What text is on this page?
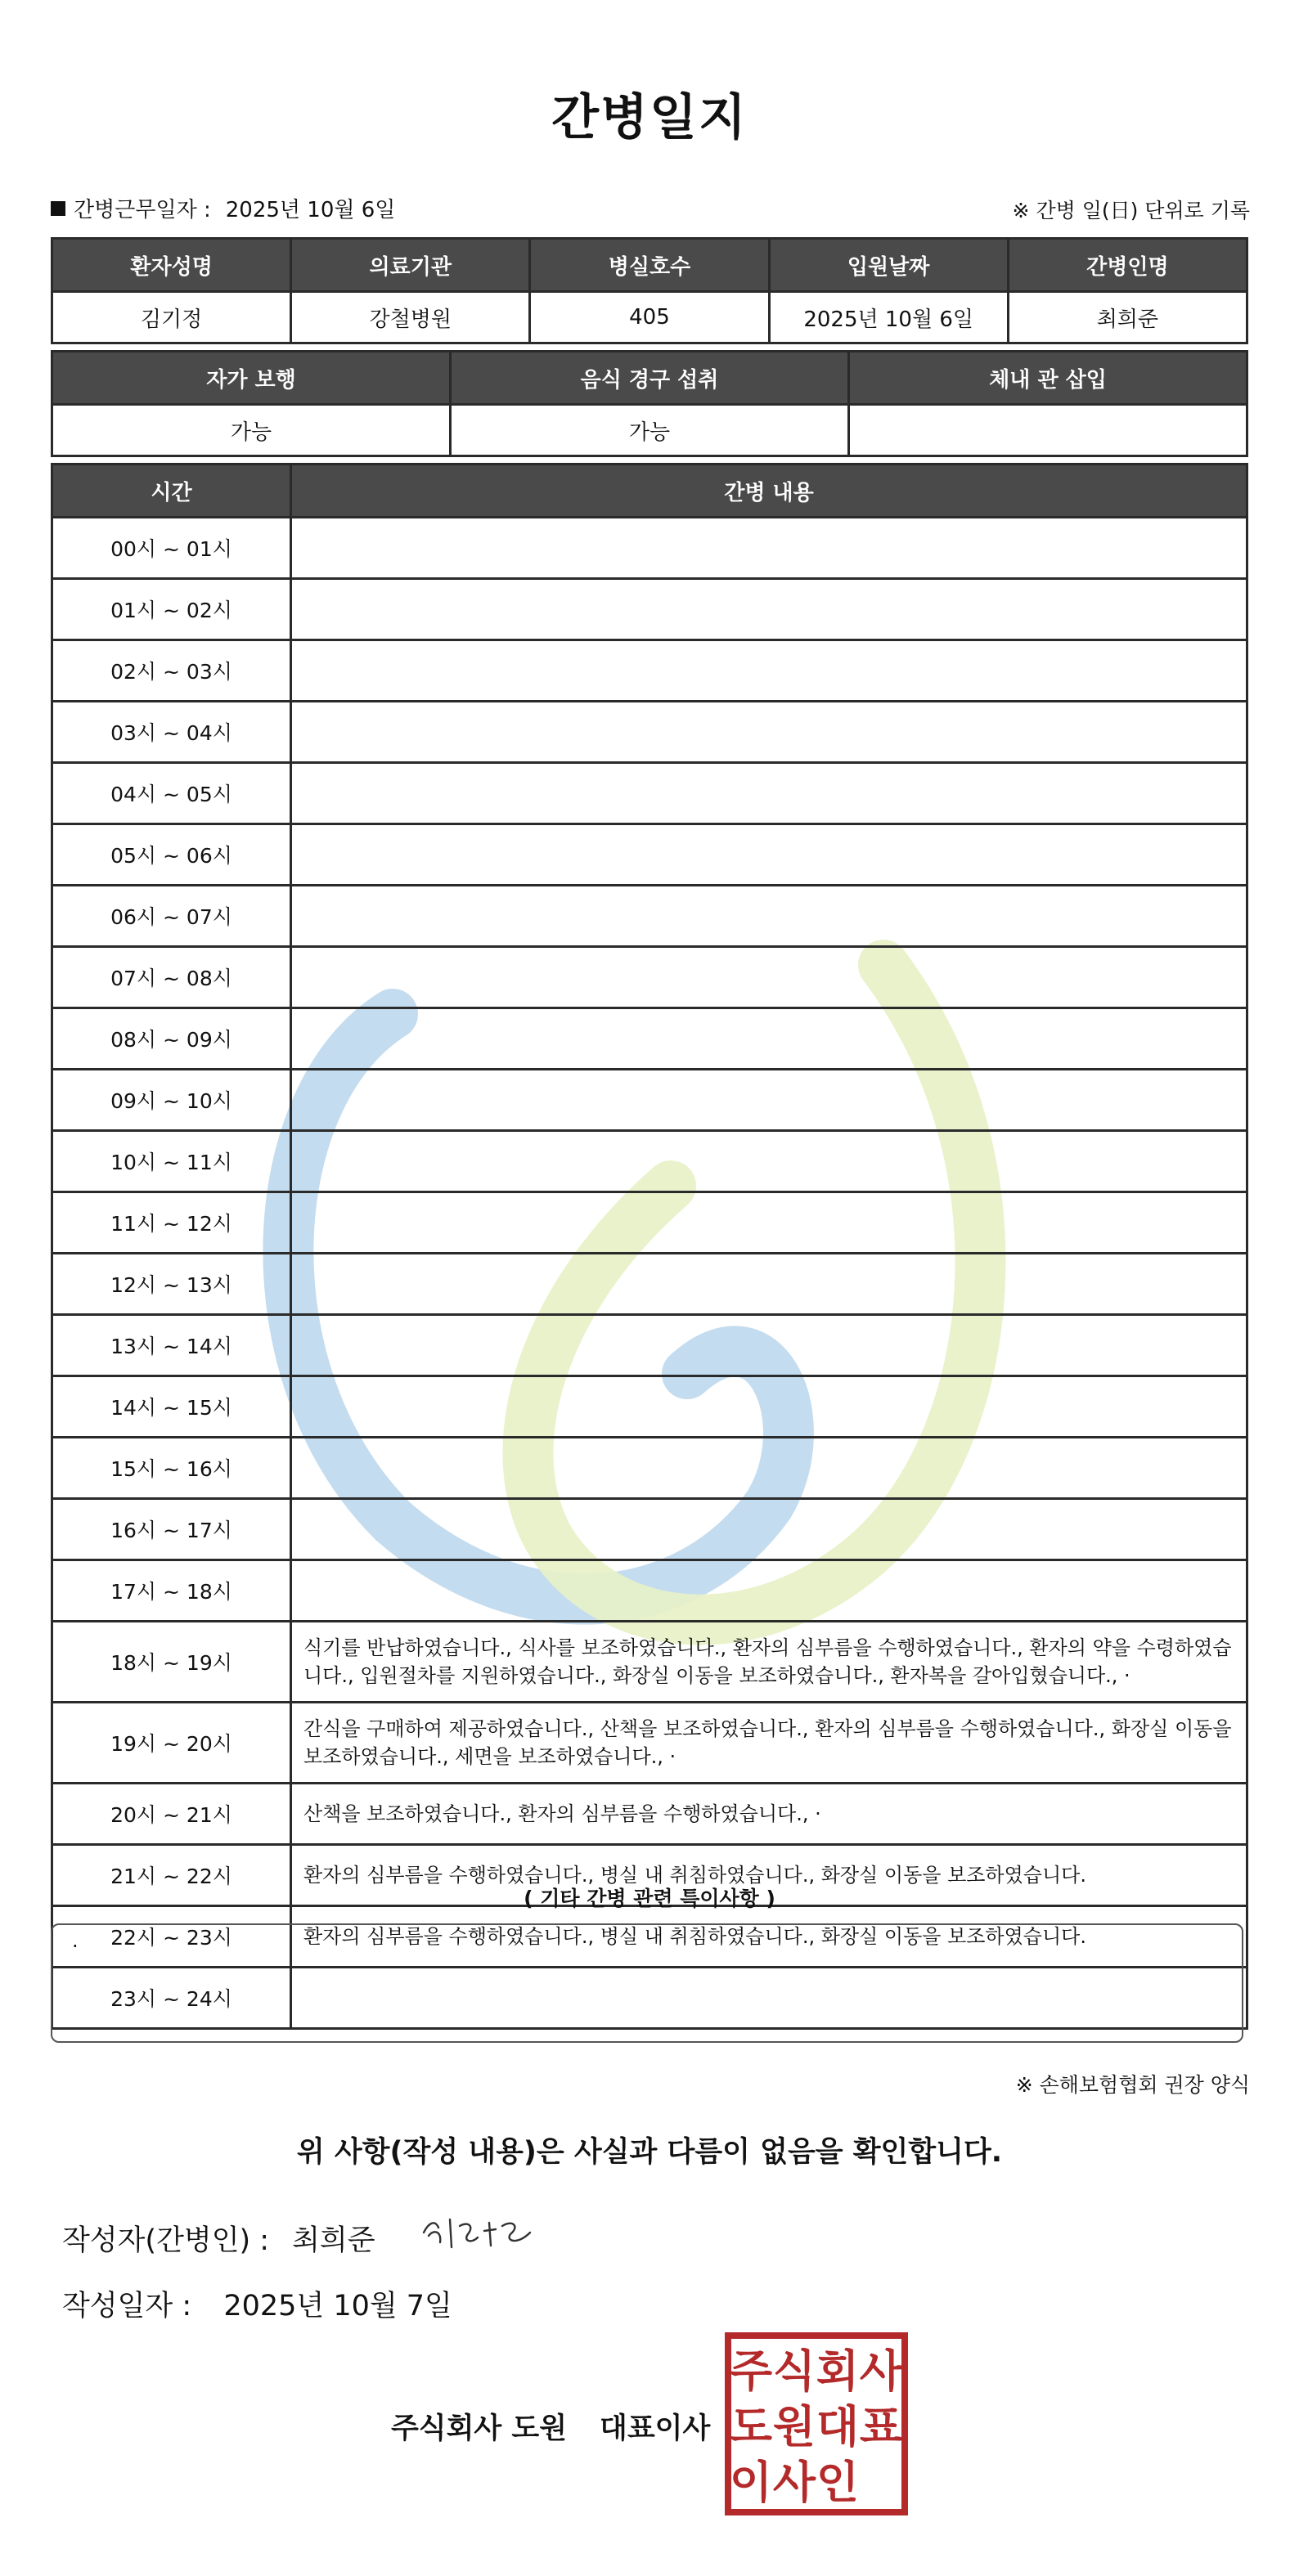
간병일지
간병근무일자 : 2025년 10월 6일	※ 간병 일(日) 단위로 기록
환자성명	의료기관	병실호수	입원날짜	간병인명
김기정	강철병원	405	2025년 10월 6일	최희준
자가 보행	음식 경구 섭취	체내 관 삽입
가능	가능	
시간	간병 내용
00시 ~ 01시	
01시 ~ 02시	
02시 ~ 03시	
03시 ~ 04시	
04시 ~ 05시	
05시 ~ 06시	
06시 ~ 07시	
07시 ~ 08시	
08시 ~ 09시	
09시 ~ 10시	
10시 ~ 11시	
11시 ~ 12시	
12시 ~ 13시	
13시 ~ 14시	
14시 ~ 15시	
15시 ~ 16시	
16시 ~ 17시	
17시 ~ 18시	
18시 ~ 19시	식기를 반납하였습니다., 식사를 보조하였습니다., 환자의 심부름을 수행하였습니다., 환자의 약을 수령하였습니다., 입원절차를 지원하였습니다., 화장실 이동을 보조하였습니다., 환자복을 갈아입혔습니다., ·
19시 ~ 20시	간식을 구매하여 제공하였습니다., 산책을 보조하였습니다., 환자의 심부름을 수행하였습니다., 화장실 이동을 보조하였습니다., 세면을 보조하였습니다., ·
20시 ~ 21시	산책을 보조하였습니다., 환자의 심부름을 수행하였습니다., ·
21시 ~ 22시	환자의 심부름을 수행하였습니다., 병실 내 취침하였습니다., 화장실 이동을 보조하였습니다.
22시 ~ 23시	환자의 심부름을 수행하였습니다., 병실 내 취침하였습니다., 화장실 이동을 보조하였습니다.
23시 ~ 24시	
( 기타 간병 관련 특이사항 )
·
※ 손해보험협회 권장 양식
위 사항(작성 내용)은 사실과 다름이 없음을 확인합니다.
작성자(간병인) : 최희준
작성일자 : 2025년 10월 7일
주식회사 도원 대표이사
주 식 회 사
도 원 대 표
이 사 인
